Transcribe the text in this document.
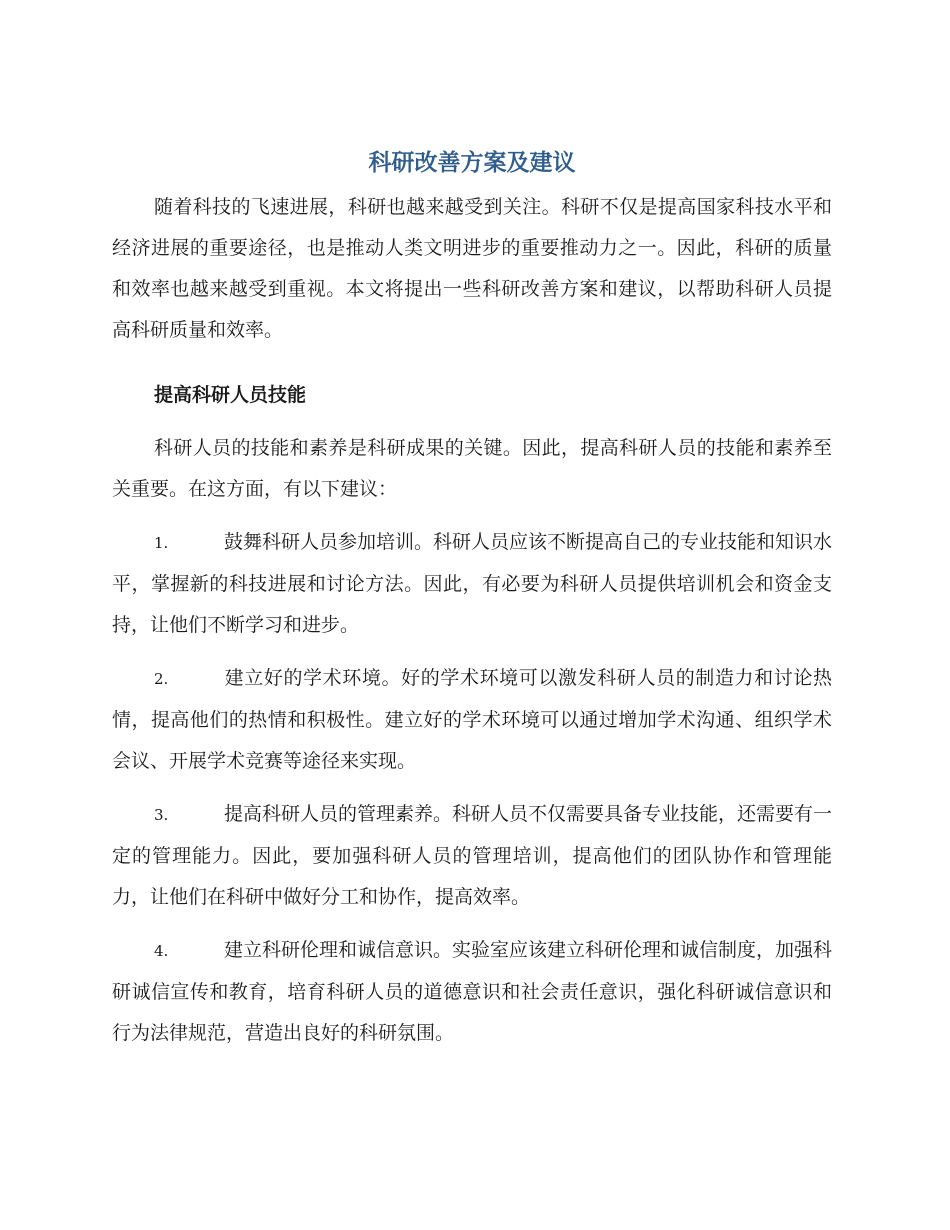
科研改善方案及建议

随着科技的飞速进展，科研也越来越受到关注。科研不仅是提高国家科技水平和经济进展的重要途径，也是推动人类文明进步的重要推动力之一。因此，科研的质量和效率也越来越受到重视。本文将提出一些科研改善方案和建议，以帮助科研人员提高科研质量和效率。

提高科研人员技能

科研人员的技能和素养是科研成果的关键。因此，提高科研人员的技能和素养至关重要。在这方面，有以下建议：

1.	鼓舞科研人员参加培训。科研人员应该不断提高自己的专业技能和知识水平，掌握新的科技进展和讨论方法。因此，有必要为科研人员提供培训机会和资金支持，让他们不断学习和进步。

2.	建立好的学术环境。好的学术环境可以激发科研人员的制造力和讨论热情，提高他们的热情和积极性。建立好的学术环境可以通过增加学术沟通、组织学术会议、开展学术竞赛等途径来实现。

3.	提高科研人员的管理素养。科研人员不仅需要具备专业技能，还需要有一定的管理能力。因此，要加强科研人员的管理培训，提高他们的团队协作和管理能力，让他们在科研中做好分工和协作，提高效率。

4.	建立科研伦理和诚信意识。实验室应该建立科研伦理和诚信制度，加强科研诚信宣传和教育，培育科研人员的道德意识和社会责任意识，强化科研诚信意识和行为法律规范，营造出良好的科研氛围。
